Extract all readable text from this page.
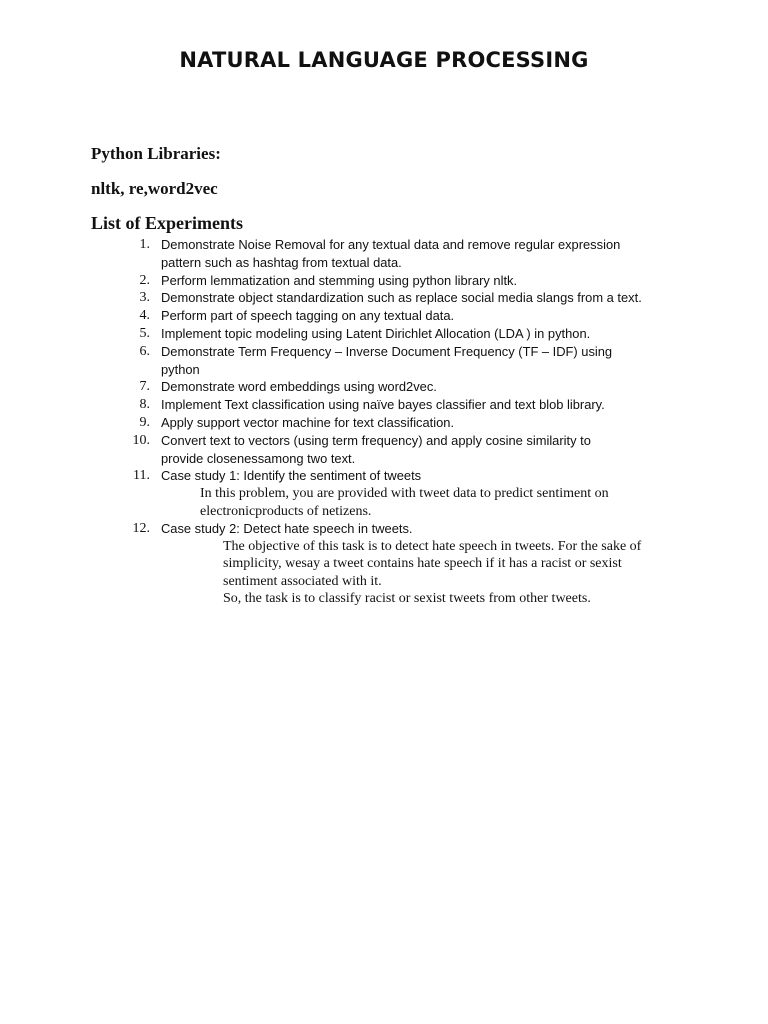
NATURAL LANGUAGE PROCESSING
Python Libraries:
nltk, re,word2vec
List of Experiments
1. Demonstrate Noise Removal for any textual data and remove regular expression
pattern such as hashtag from textual data.
2. Perform lemmatization and stemming using python library nltk.
3. Demonstrate object standardization such as replace social media slangs from a text.
4. Perform part of speech tagging on any textual data.
5. Implement topic modeling using Latent Dirichlet Allocation (LDA ) in python.
6. Demonstrate Term Frequency – Inverse Document Frequency (TF – IDF) using
python
7. Demonstrate word embeddings using word2vec.
8. Implement Text classification using naïve bayes classifier and text blob library.
9. Apply support vector machine for text classification.
10. Convert text to vectors (using term frequency) and apply cosine similarity to
provide closenessamong two text.
11. Case study 1: Identify the sentiment of tweets
In this problem, you are provided with tweet data to predict sentiment on
electronicproducts of netizens.
12. Case study 2: Detect hate speech in tweets.
The objective of this task is to detect hate speech in tweets. For the sake of
simplicity, wesay a tweet contains hate speech if it has a racist or sexist
sentiment associated with it.
So, the task is to classify racist or sexist tweets from other tweets.
